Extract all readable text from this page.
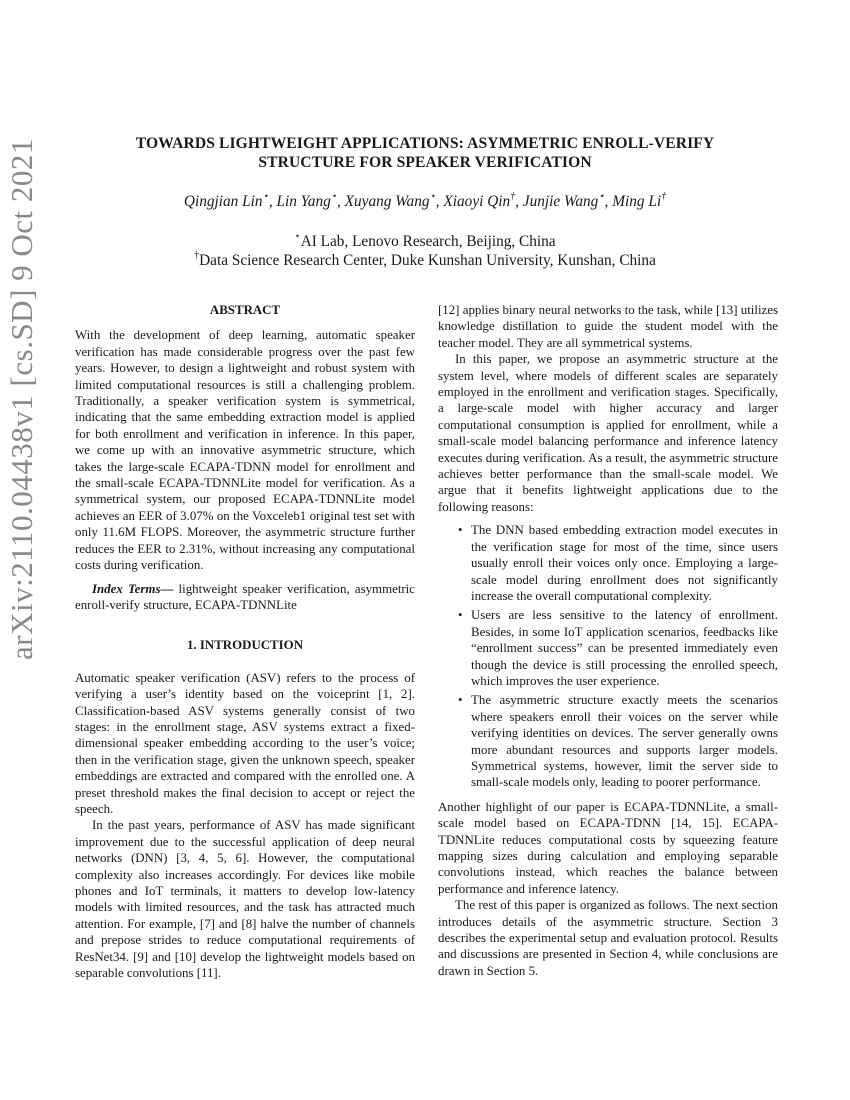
arXiv:2110.04438v1 [cs.SD] 9 Oct 2021	TOWARDS LIGHTWEIGHT APPLICATIONS: ASYMMETRIC ENROLL-VERIFY
STRUCTURE FOR SPEAKER VERIFICATION
Qingjian Lin⋆, Lin Yang⋆, Xuyang Wang⋆, Xiaoyi Qin†, Junjie Wang⋆, Ming Li†
⋆AI Lab, Lenovo Research, Beijing, China
†Data Science Research Center, Duke Kunshan University, Kunshan, China
ABSTRACT

With the development of deep learning, automatic speaker verification has made considerable progress over the past few years. However, to design a lightweight and robust system with limited computational resources is still a challenging problem. Traditionally, a speaker verification system is symmetrical, indicating that the same embedding extraction model is applied for both enrollment and verification in inference. In this paper, we come up with an innovative asymmetric structure, which takes the large-scale ECAPA-TDNN model for enrollment and the small-scale ECAPA-TDNNLite model for verification. As a symmetrical system, our proposed ECAPA-TDNNLite model achieves an EER of 3.07% on the Voxceleb1 original test set with only 11.6M FLOPS. Moreover, the asymmetric structure further reduces the EER to 2.31%, without increasing any computational costs during verification.

Index Terms— lightweight speaker verification, asymmetric enroll-verify structure, ECAPA-TDNNLite

1. INTRODUCTION

Automatic speaker verification (ASV) refers to the process of verifying a user’s identity based on the voiceprint [1, 2]. Classification-based ASV systems generally consist of two stages: in the enrollment stage, ASV systems extract a fixed-dimensional speaker embedding according to the user’s voice; then in the verification stage, given the unknown speech, speaker embeddings are extracted and compared with the enrolled one. A preset threshold makes the final decision to accept or reject the speech.

In the past years, performance of ASV has made significant improvement due to the successful application of deep neural networks (DNN) [3, 4, 5, 6]. However, the computational complexity also increases accordingly. For devices like mobile phones and IoT terminals, it matters to develop low-latency models with limited resources, and the task has attracted much attention. For example, [7] and [8] halve the number of channels and prepose strides to reduce computational requirements of ResNet34. [9] and [10] develop the lightweight models based on separable convolutions [11].

[12] applies binary neural networks to the task, while [13] utilizes knowledge distillation to guide the student model with the teacher model. They are all symmetrical systems.

In this paper, we propose an asymmetric structure at the system level, where models of different scales are separately employed in the enrollment and verification stages. Specifically, a large-scale model with higher accuracy and larger computational consumption is applied for enrollment, while a small-scale model balancing performance and inference latency executes during verification. As a result, the asymmetric structure achieves better performance than the small-scale model. We argue that it benefits lightweight applications due to the following reasons:

• The DNN based embedding extraction model executes in the verification stage for most of the time, since users usually enroll their voices only once. Employing a large-scale model during enrollment does not significantly increase the overall computational complexity.
• Users are less sensitive to the latency of enrollment. Besides, in some IoT application scenarios, feedbacks like “enrollment success” can be presented immediately even though the device is still processing the enrolled speech, which improves the user experience.
• The asymmetric structure exactly meets the scenarios where speakers enroll their voices on the server while verifying identities on devices. The server generally owns more abundant resources and supports larger models. Symmetrical systems, however, limit the server side to small-scale models only, leading to poorer performance.

Another highlight of our paper is ECAPA-TDNNLite, a small-scale model based on ECAPA-TDNN [14, 15]. ECAPA-TDNNLite reduces computational costs by squeezing feature mapping sizes during calculation and employing separable convolutions instead, which reaches the balance between performance and inference latency.

The rest of this paper is organized as follows. The next section introduces details of the asymmetric structure. Section 3 describes the experimental setup and evaluation protocol. Results and discussions are presented in Section 4, while conclusions are drawn in Section 5.
